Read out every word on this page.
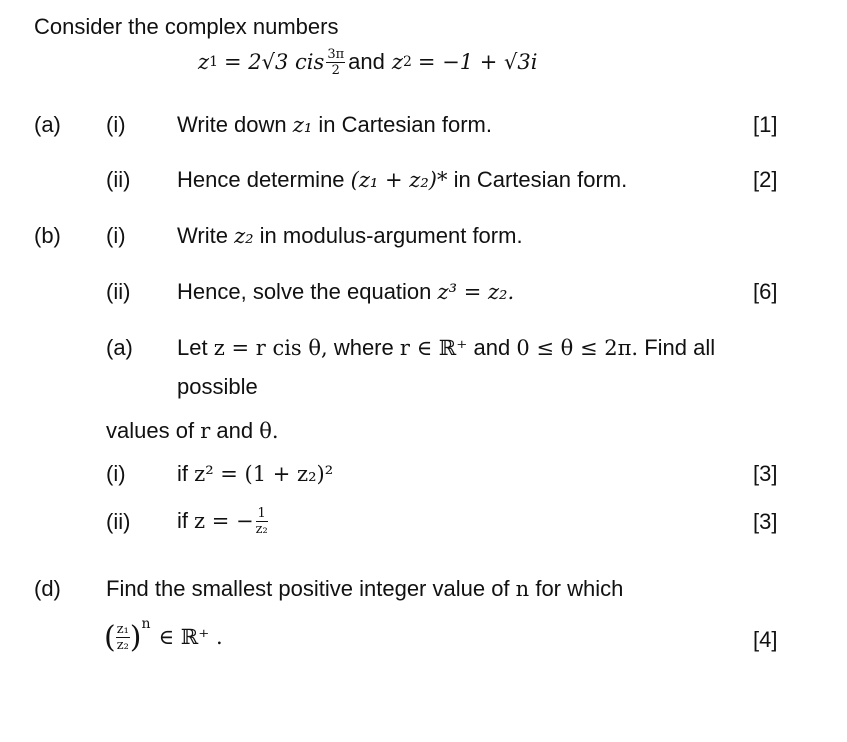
Consider the complex numbers
z 1 = 2√3 cis $\frac{3\pi}{2}$ and z 2 = −1 + √3i
(a) (i) Write down z₁ in Cartesian form.	[1]
(ii) Hence determine (z₁ + z₂)* in Cartesian form.	[2]
(b) (i) Write z₂ in modulus-argument form.
(ii) Hence, solve the equation z³ = z₂.	[6]
(a) Let z = r cis θ, where r ∈ ℝ⁺ and 0 ≤ θ ≤ 2π. Find all
possible
values of r and θ.
(i) if z² = (1 + z₂)²	[3]
(ii) if z = − $\frac{1}{\text{z₂}}$	[3]
(d) Find the smallest positive integer value of n for which
( $\frac{\text{z₁}}{\text{z₂}}$ ) n
∈ ℝ⁺ .	[4]
